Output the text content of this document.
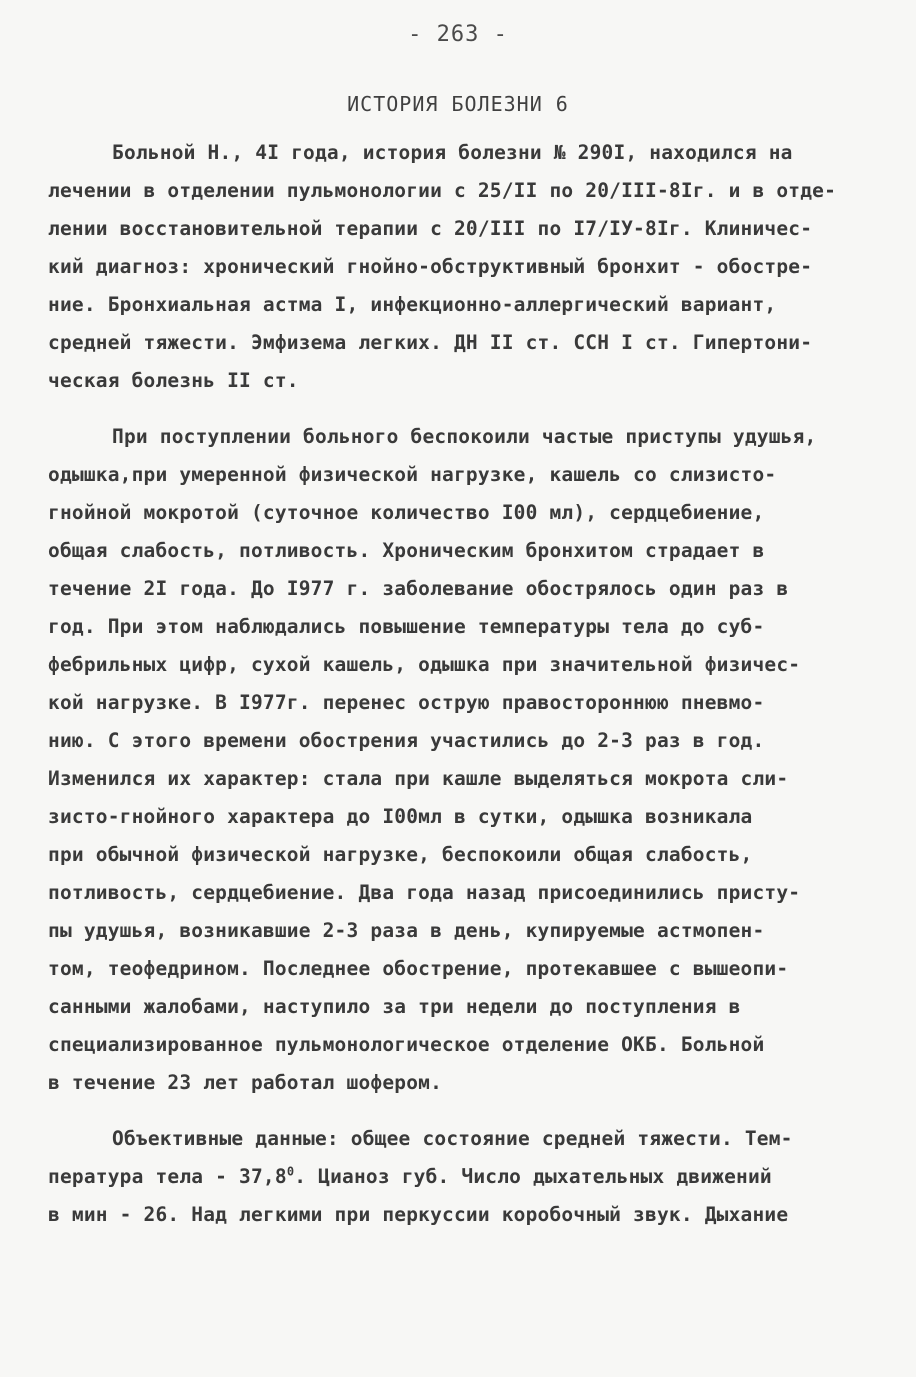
- 263 -
ИСТОРИЯ БОЛЕЗНИ 6
Больной Н., 4I года, история болезни № 290I, находился на
лечении в отделении пульмонологии с 25/II по 20/III-8Iг. и в отде-
лении восстановительной терапии с 20/III по I7/IУ-8Iг. Клиничес-
кий диагноз: хронический гнойно-обструктивный бронхит - обостре-
ние. Бронхиальная астма I, инфекционно-аллергический вариант,
средней тяжести. Эмфизема легких. ДН II ст. ССН I ст. Гипертони-
ческая болезнь II ст.
При поступлении больного беспокоили частые приступы удушья,
одышка,при умеренной физической нагрузке, кашель со слизисто-
гнойной мокротой (суточное количество I00 мл), сердцебиение,
общая слабость, потливость. Хроническим бронхитом страдает в
течение 2I года. До I977 г. заболевание обострялось один раз в
год. При этом наблюдались повышение температуры тела до суб-
фебрильных цифр, сухой кашель, одышка при значительной физичес-
кой нагрузке. В I977г. перенес острую правостороннюю пневмо-
нию. С этого времени обострения участились до 2-3 раз в год.
Изменился их характер: стала при кашле выделяться мокрота сли-
зисто-гнойного характера до I00мл в сутки, одышка возникала
при обычной физической нагрузке, беспокоили общая слабость,
потливость, сердцебиение. Два года назад присоединились присту-
пы удушья, возникавшие 2-3 раза в день, купируемые астмопен-
том, теофедрином. Последнее обострение, протекавшее с вышеопи-
санными жалобами, наступило за три недели до поступления в
специализированное пульмонологическое отделение ОКБ. Больной
в течение 23 лет работал шофером.
Объективные данные: общее состояние средней тяжести. Тем-
пература тела - 37,8$^0$. Цианоз губ. Число дыхательных движений
в мин - 26. Над легкими при перкуссии коробочный звук. Дыхание
